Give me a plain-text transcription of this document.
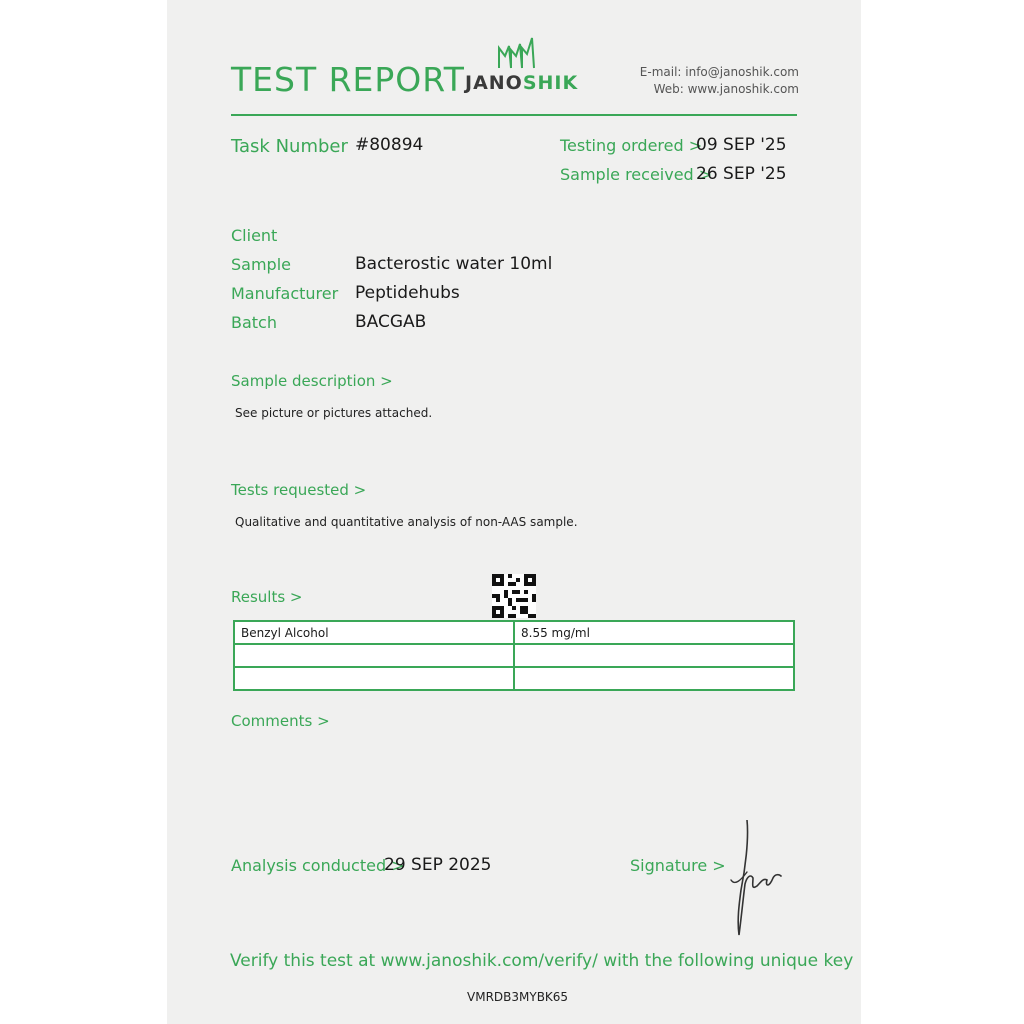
TEST REPORT JANOSHIK	E-mail: info@janoshik.com
Web: www.janoshik.com
Task Number #80894	Testing ordered >
09 SEP '25
Sample received >
26 SEP '25
Client
Sample	Bacterostic water 10ml
Manufacturer Peptidehubs
Batch	BACGAB
Sample description >
See picture or pictures attached.
Tests requested >
Qualitative and quantitative analysis of non-AAS sample.
Results >
Benzyl Alcohol	8.55 mg/ml

Comments >
Analysis conducted >
29 SEP 2025	Signature >
Verify this test at www.janoshik.com/verify/ with the following unique key
VMRDB3MYBK65
